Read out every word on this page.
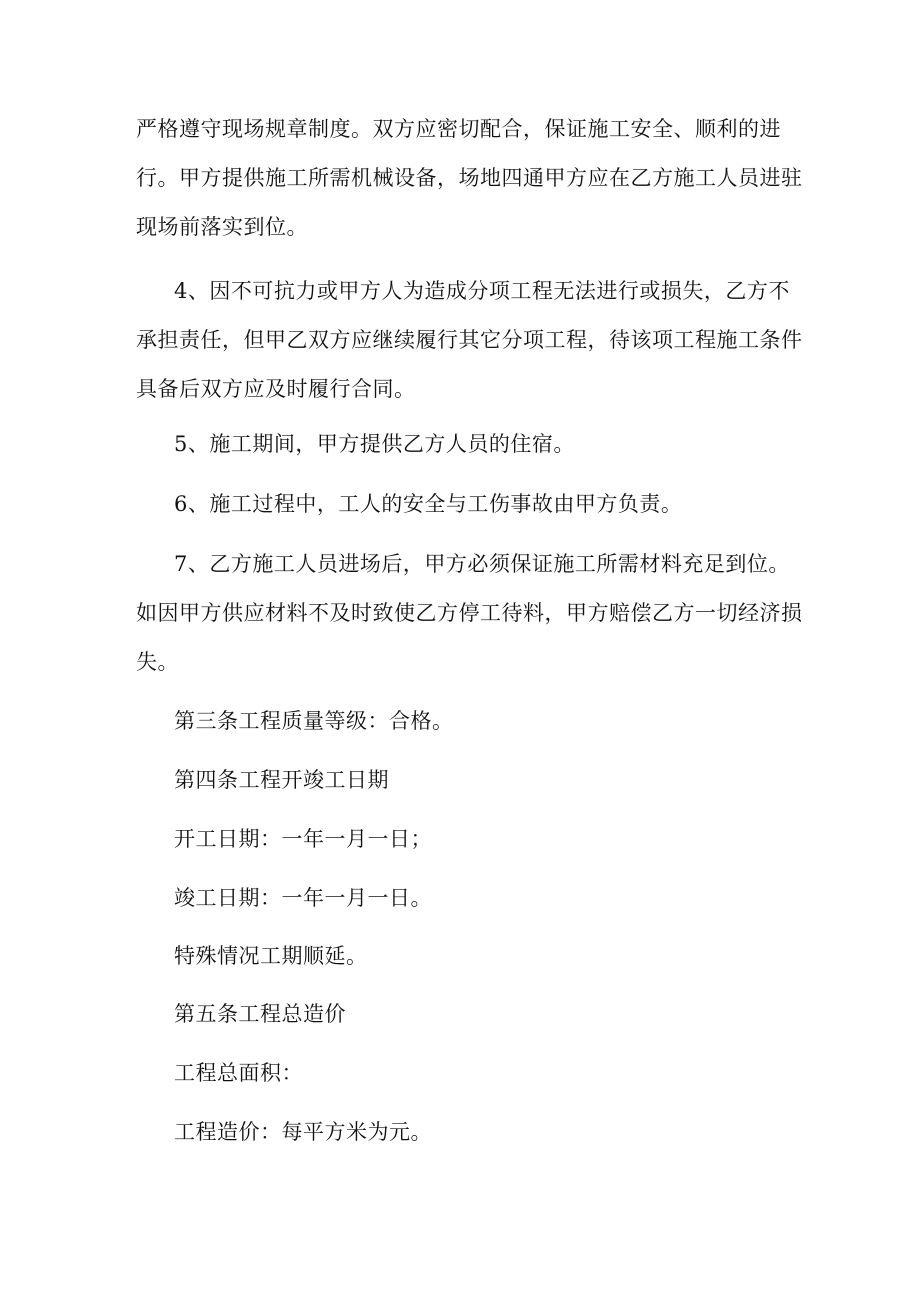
严格遵守现场规章制度。双方应密切配合，保证施工安全、顺利的进行。甲方提供施工所需机械设备，场地四通甲方应在乙方施工人员进驻现场前落实到位。

4、因不可抗力或甲方人为造成分项工程无法进行或损失，乙方不承担责任，但甲乙双方应继续履行其它分项工程，待该项工程施工条件具备后双方应及时履行合同。

5、施工期间，甲方提供乙方人员的住宿。

6、施工过程中，工人的安全与工伤事故由甲方负责。

7、乙方施工人员进场后，甲方必须保证施工所需材料充足到位。如因甲方供应材料不及时致使乙方停工待料，甲方赔偿乙方一切经济损失。

第三条工程质量等级：合格。

第四条工程开竣工日期

开工日期：一年一月一日；

竣工日期：一年一月一日。

特殊情况工期顺延。

第五条工程总造价

工程总面积：

工程造价：每平方米为元。
